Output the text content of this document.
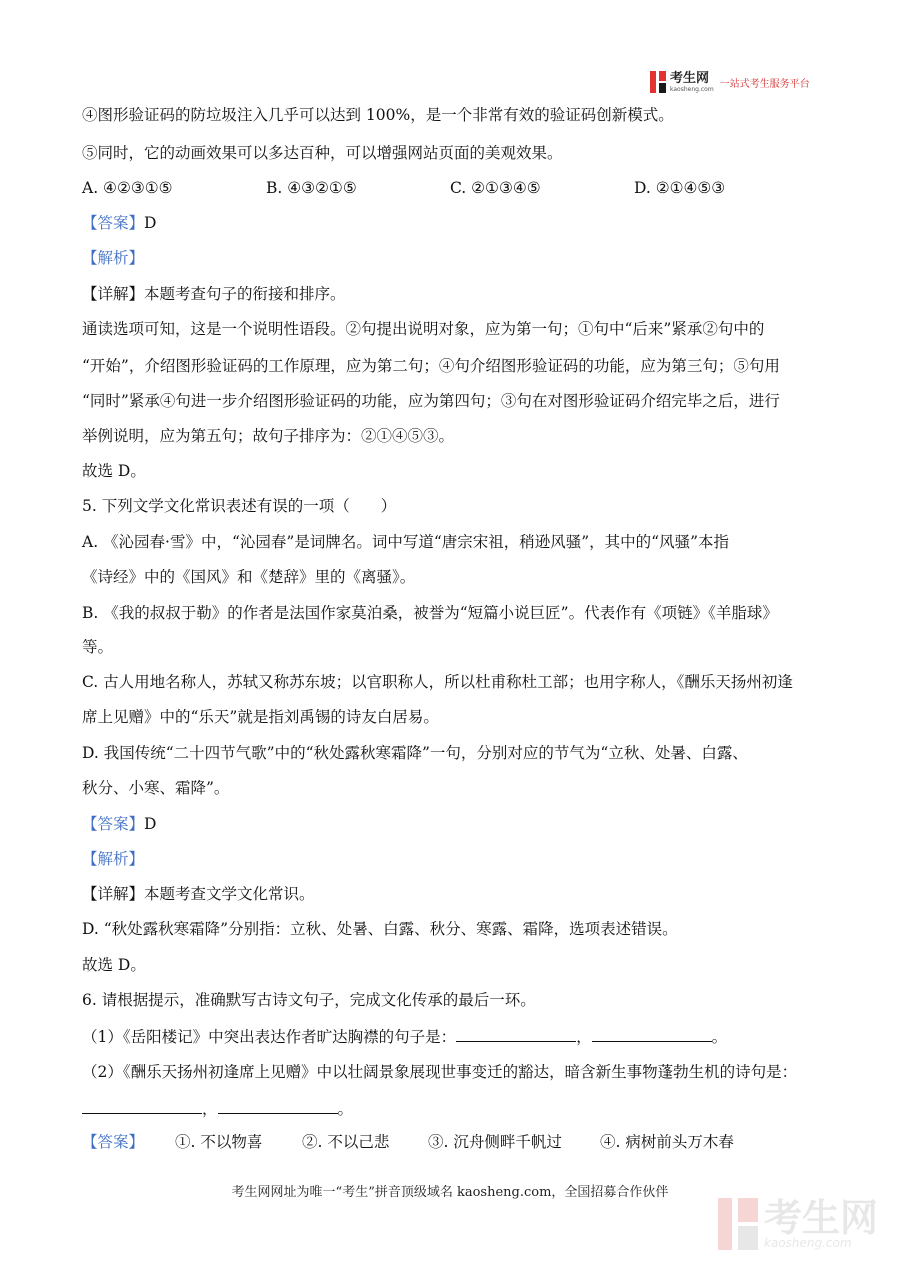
考生网
kaosheng.com 一站式考生服务平台
④图形验证码的防垃圾注入几乎可以达到 100%，是一个非常有效的验证码创新模式。
⑤同时，它的动画效果可以多达百种，可以增强网站页面的美观效果。
A. ④②③①⑤	B. ④③②①⑤	C. ②①③④⑤	D. ②①④⑤③
【答案】D
【解析】
【详解】本题考查句子的衔接和排序。
通读选项可知，这是一个说明性语段。②句提出说明对象，应为第一句；①句中“后来”紧承②句中的
“开始”，介绍图形验证码的工作原理，应为第二句；④句介绍图形验证码的功能，应为第三句；⑤句用
“同时”紧承④句进一步介绍图形验证码的功能，应为第四句；③句在对图形验证码介绍完毕之后，进行
举例说明，应为第五句；故句子排序为：②①④⑤③。
故选 D。
5. 下列文学文化常识表述有误的一项（　　）
A. 《沁园春·雪》中，“沁园春”是词牌名。词中写道“唐宗宋祖，稍逊风骚”，其中的“风骚”本指
《诗经》中的《国风》和《楚辞》里的《离骚》。
B. 《我的叔叔于勒》的作者是法国作家莫泊桑，被誉为“短篇小说巨匠”。代表作有《项链》《羊脂球》
等。
C. 古人用地名称人，苏轼又称苏东坡；以官职称人，所以杜甫称杜工部；也用字称人，《酬乐天扬州初逢
席上见赠》中的“乐天”就是指刘禹锡的诗友白居易。
D. 我国传统“二十四节气歌”中的“秋处露秋寒霜降”一句，分别对应的节气为“立秋、处暑、白露、
秋分、小寒、霜降”。
【答案】D
【解析】
【详解】本题考查文学文化常识。
D. “秋处露秋寒霜降”分别指：立秋、处暑、白露、秋分、寒露、霜降，选项表述错误。
故选 D。
6. 请根据提示，准确默写古诗文句子，完成文化传承的最后一环。
（1）《岳阳楼记》中突出表达作者旷达胸襟的句子是：	，	。
（2）《酬乐天扬州初逢席上见赠》中以壮阔景象展现世事变迁的豁达，暗含新生事物蓬勃生机的诗句是：
，	。
【答案】 ①. 不以物喜	②. 不以己悲 ③. 沉舟侧畔千帆过 ④. 病树前头万木春
考生网网址为唯一“考生”拼音顶级域名 kaosheng.com，全国招募合作伙伴
考生网
kaosheng.com
